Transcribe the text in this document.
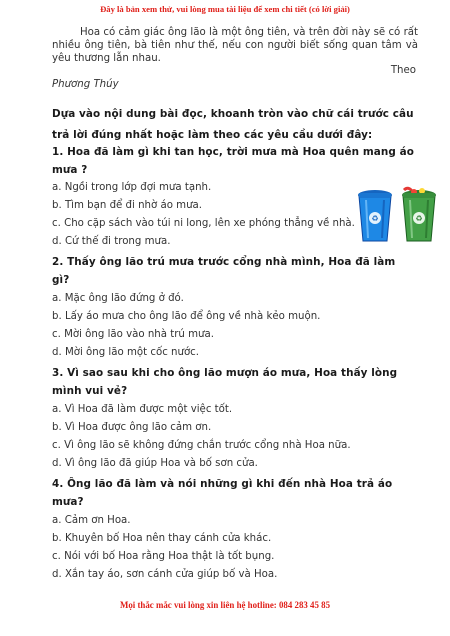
Đây là bản xem thử, vui lòng mua tài liệu để xem chi tiết (có lời giải)
Hoa có cảm giác ông lão là một ông tiên, và trên đời này sẽ có rất nhiều ông tiên, bà tiên như thế, nếu con người biết sống quan tâm và yêu thương lẫn nhau.
Theo
Phương Thúy
Dựa vào nội dung bài đọc, khoanh tròn vào chữ cái trước câu
trả lời đúng nhất hoặc làm theo các yêu cầu dưới đây:
1. Hoa đã làm gì khi tan học, trời mưa mà Hoa quên mang áo
mưa ?
a. Ngồi trong lớp đợi mưa tạnh.
b. Tìm bạn để đi nhờ áo mưa.
c. Cho cặp sách vào túi ni long, lên xe phóng thẳng về nhà.
d. Cứ thế đi trong mưa.
2. Thấy ông lão trú mưa trước cổng nhà mình, Hoa đã làm
gì?
a. Mặc ông lão đứng ở đó.
b. Lấy áo mưa cho ông lão để ông về nhà kẻo muộn.
c. Mời ông lão vào nhà trú mưa.
d. Mời ông lão một cốc nước.
3. Vì sao sau khi cho ông lão mượn áo mưa, Hoa thấy lòng
mình vui vẻ?
a. Vì Hoa đã làm được một việc tốt.
b. Vì Hoa được ông lão cảm ơn.
c. Vì ông lão sẽ không đứng chắn trước cổng nhà Hoa nữa.
d. Vì ông lão đã giúp Hoa và bố sơn cửa.
4. Ông lão đã làm và nói những gì khi đến nhà Hoa trả áo
mưa?
a. Cảm ơn Hoa.
b. Khuyên bố Hoa nên thay cánh cửa khác.
c. Nói với bố Hoa rằng Hoa thật là tốt bụng.
d. Xắn tay áo, sơn cánh cửa giúp bố và Hoa.
♻	♻
Mọi thắc mắc vui lòng xin liên hệ hotline: 084 283 45 85
